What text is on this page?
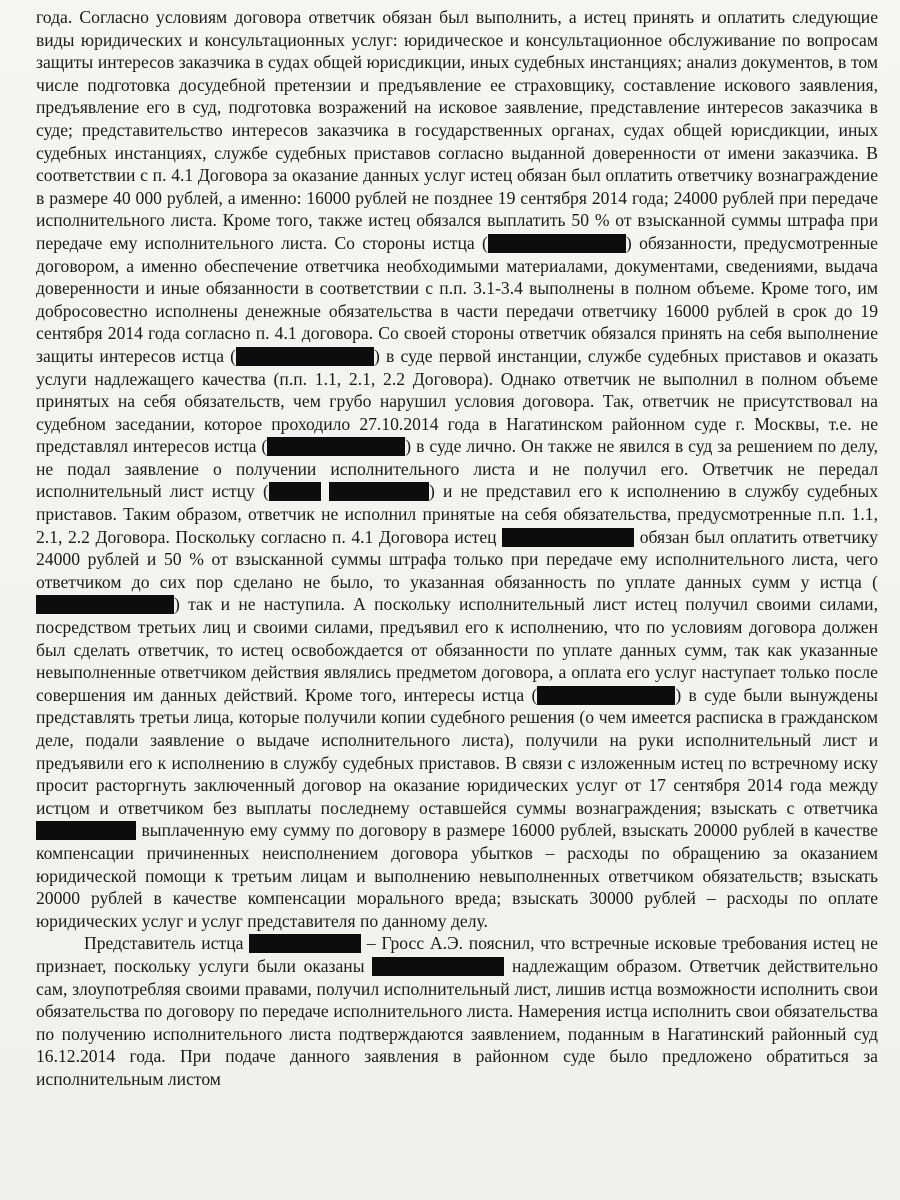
года. Согласно условиям договора ответчик обязан был выполнить, а истец принять и оплатить следующие виды юридических и консультационных услуг: юридическое и консультационное обслуживание по вопросам защиты интересов заказчика в судах общей юрисдикции, иных судебных инстанциях; анализ документов, в том числе подготовка досудебной претензии и предъявление ее страховщику, составление искового заявления, предъявление его в суд, подготовка возражений на исковое заявление, представление интересов заказчика в суде; представительство интересов заказчика в государственных органах, судах общей юрисдикции, иных судебных инстанциях, службе судебных приставов согласно выданной доверенности от имени заказчика. В соответствии с п. 4.1 Договора за оказание данных услуг истец обязан был оплатить ответчику вознаграждение в размере 40 000 рублей, а именно: 16000 рублей не позднее 19 сентября 2014 года; 24000 рублей при передаче исполнительного листа. Кроме того, также истец обязался выплатить 50 % от взысканной суммы штрафа при передаче ему исполнительного листа. Со стороны истца (	) обязанности, предусмотренные договором, а именно обеспечение ответчика необходимыми материалами, документами, сведениями, выдача доверенности и иные обязанности в соответствии с п.п. 3.1-3.4 выполнены в полном объеме. Кроме того, им добросовестно исполнены денежные обязательства в части передачи ответчику 16000 рублей в срок до 19 сентября 2014 года согласно п. 4.1 договора. Со своей стороны ответчик обязался принять на себя выполнение защиты интересов истца (	) в суде первой инстанции, службе судебных приставов и оказать услуги надлежащего качества (п.п. 1.1, 2.1, 2.2 Договора). Однако ответчик не выполнил в полном объеме принятых на себя обязательств, чем грубо нарушил условия договора. Так, ответчик не присутствовал на судебном заседании, которое проходило 27.10.2014 года в Нагатинском районном суде г. Москвы, т.е. не представлял интересов истца (	) в суде лично. Он также не явился в суд за решением по делу, не подал заявление о получении исполнительного листа и не получил его. Ответчик не передал исполнительный лист истцу (	) и не представил его к исполнению в службу судебных приставов. Таким образом, ответчик не исполнил принятые на себя обязательства, предусмотренные п.п. 1.1, 2.1, 2.2 Договора. Поскольку согласно п. 4.1 Договора истец	обязан был оплатить ответчику 24000 рублей и 50 % от взысканной суммы штрафа только при передаче ему исполнительного листа, чего ответчиком до сих пор сделано не было, то указанная обязанность по уплате данных сумм у истца () так и не наступила. А поскольку исполнительный лист истец получил своими силами, посредством третьих лиц и своими силами, предъявил его к исполнению, что по условиям договора должен был сделать ответчик, то истец освобождается от обязанности по уплате данных сумм, так как указанные невыполненные ответчиком действия являлись предметом договора, а оплата его услуг наступает только после совершения им данных действий. Кроме того, интересы истца (	) в суде были вынуждены представлять третьи лица, которые получили копии судебного решения (о чем имеется расписка в гражданском деле, подали заявление о выдаче исполнительного листа), получили на руки исполнительный лист и предъявили его к исполнению в службу судебных приставов. В связи с изложенным истец по встречному иску просит расторгнуть заключенный договор на оказание юридических услуг от 17 сентября 2014 года между истцом и ответчиком без выплаты последнему оставшейся суммы вознаграждения; взыскать с ответчика  выплаченную ему сумму по договору в размере 16000 рублей, взыскать 20000 рублей в качестве компенсации причиненных неисполнением договора убытков – расходы по обращению за оказанием юридической помощи к третьим лицам и выполнению невыполненных ответчиком обязательств; взыскать 20000 рублей в качестве компенсации морального вреда; взыскать 30000 рублей – расходы по оплате юридических услуг и услуг представителя по данному делу.

Представитель истца	– Гросс А.Э. пояснил, что встречные исковые требования истец не признает, поскольку услуги были оказаны	надлежащим образом. Ответчик действительно сам, злоупотребляя своими правами, получил исполнительный лист, лишив истца возможности исполнить свои обязательства по договору по передаче исполнительного листа. Намерения истца исполнить свои обязательства по получению исполнительного листа подтверждаются заявлением, поданным в Нагатинский районный суд 16.12.2014 года. При подаче данного заявления в районном суде было предложено обратиться за исполнительным листом
